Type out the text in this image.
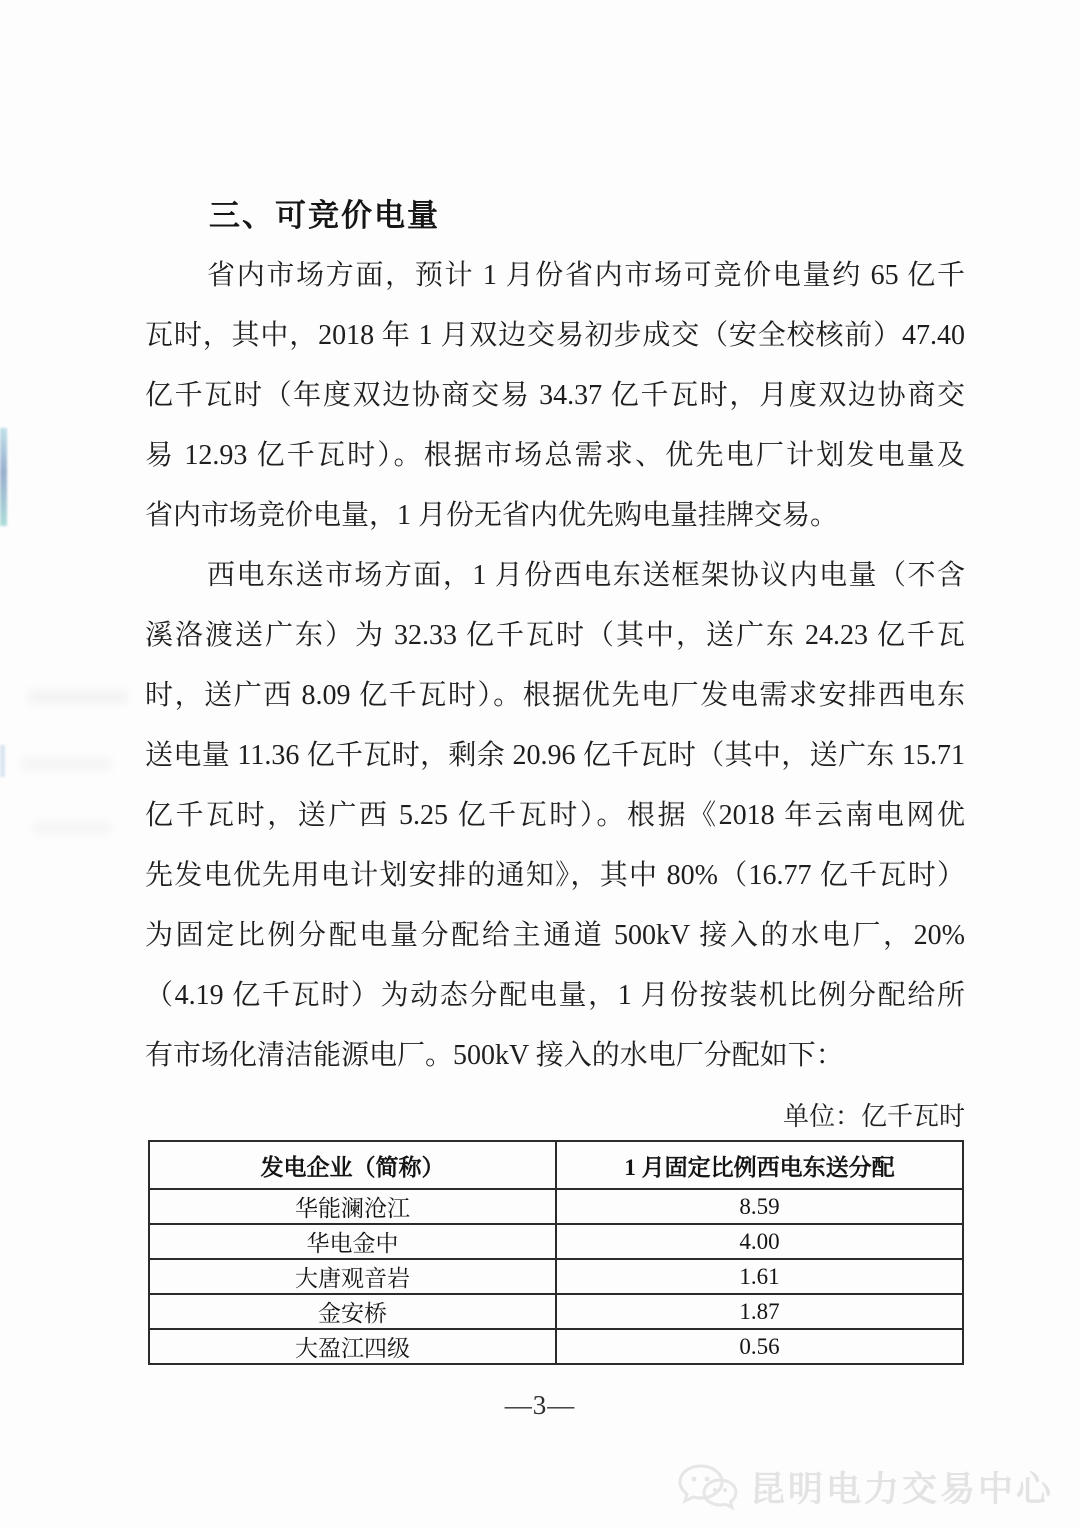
三、可竞价电量
省内市场方面，预计 1 月份省内市场可竞价电量约 65 亿千
瓦时，其中，2018 年 1 月双边交易初步成交（安全校核前）47.40
亿千瓦时（年度双边协商交易 34.37 亿千瓦时，月度双边协商交
易 12.93 亿千瓦时）。根据市场总需求、优先电厂计划发电量及
省内市场竞价电量，1 月份无省内优先购电量挂牌交易。
西电东送市场方面，1 月份西电东送框架协议内电量（不含
溪洛渡送广东）为 32.33 亿千瓦时（其中，送广东 24.23 亿千瓦
时，送广西 8.09 亿千瓦时）。根据优先电厂发电需求安排西电东
送电量 11.36 亿千瓦时，剩余 20.96 亿千瓦时（其中，送广东 15.71
亿千瓦时，送广西 5.25 亿千瓦时）。根据《2018 年云南电网优
先发电优先用电计划安排的通知》，其中 80%（16.77 亿千瓦时）
为固定比例分配电量分配给主通道 500kV 接入的水电厂，20%
（4.19 亿千瓦时）为动态分配电量，1 月份按装机比例分配给所
有市场化清洁能源电厂。500kV 接入的水电厂分配如下：
单位：亿千瓦时
发电企业（简称）	1 月固定比例西电东送分配
华能澜沧江	8.59
华电金中	4.00
大唐观音岩	1.61
金安桥	1.87
大盈江四级	0.56
—3—
昆明电力交易中心
